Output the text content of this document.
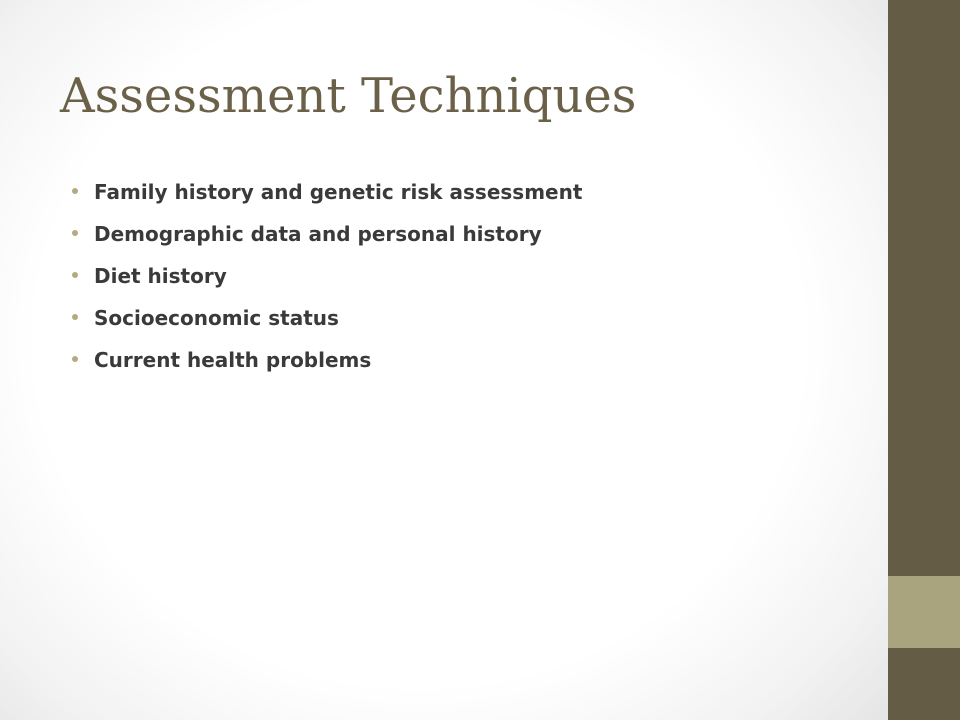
Assessment Techniques
Family history and genetic risk assessment
Demographic data and personal history
Diet history
Socioeconomic status
Current health problems
